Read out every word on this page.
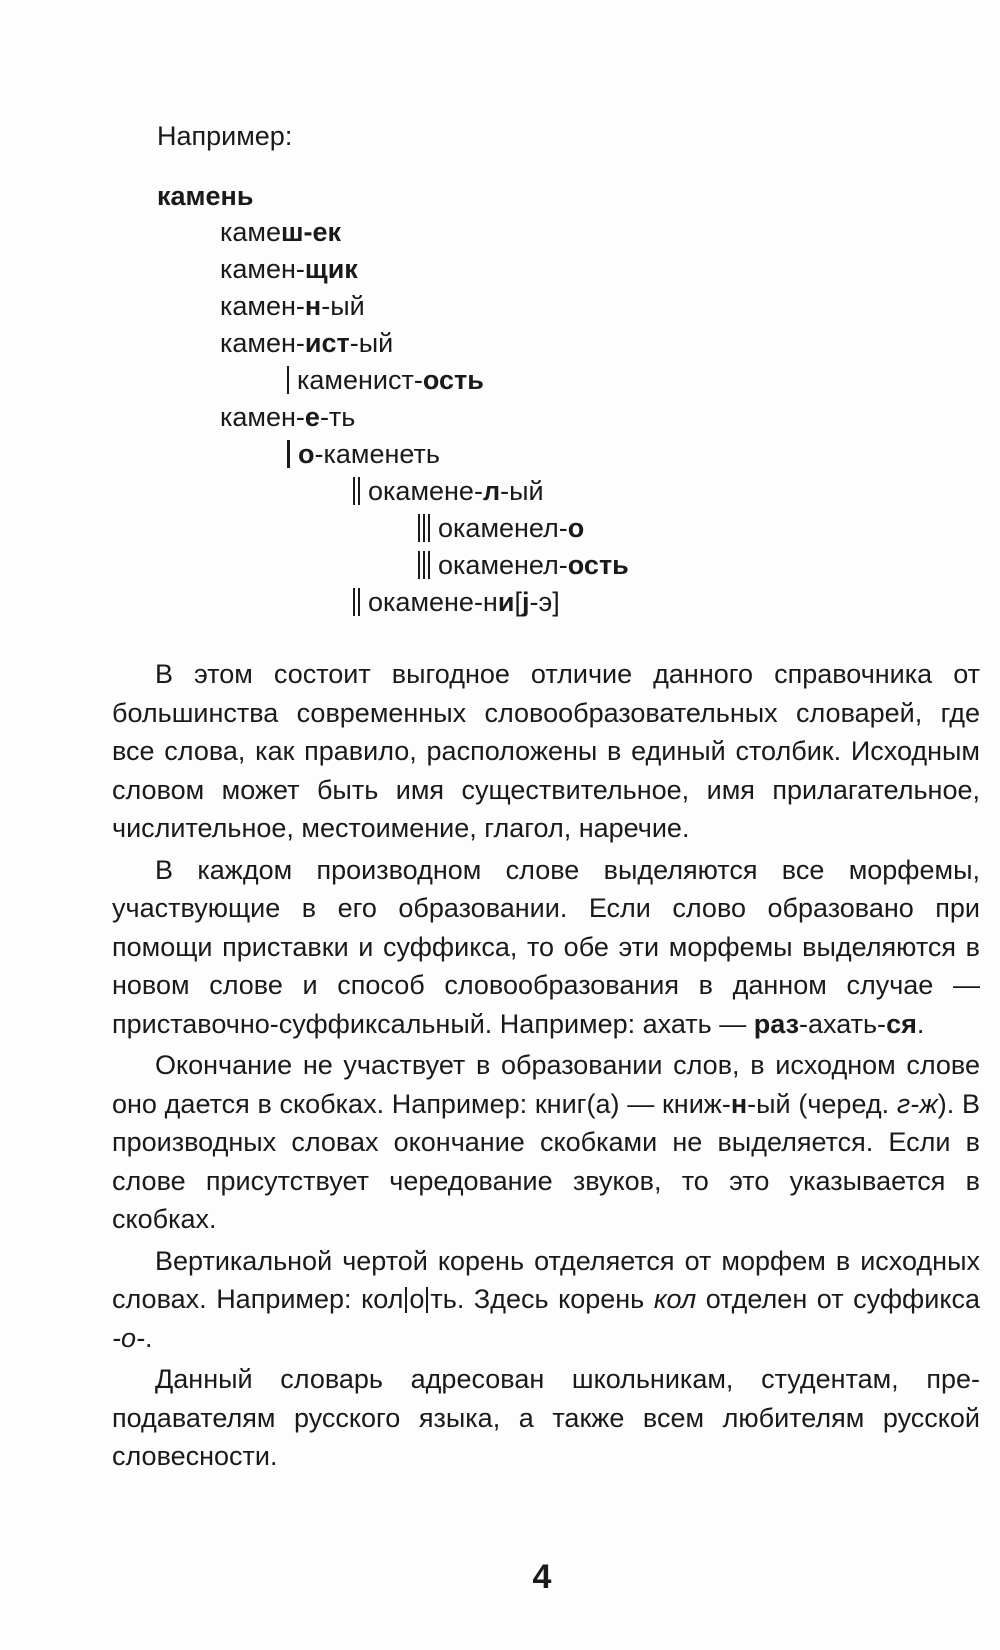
Например:
камень
камеш-ек
камен-щик
камен-н-ый
камен-ист-ый
каменист-ость
камен-е-ть
о-каменеть
окамене-л-ый
окаменел-о
окаменел-ость
окамене-ни[j-э]

В этом состоит выгодное отличие данного справочника от большинства современных словообразовательных словарей, где все слова, как правило, расположены в единый столбик. Исходным словом может быть имя существительное, имя прилагательное, числительное, местоимение, глагол, наречие.

В каждом производном слове выделяются все морфемы, участвующие в его образовании. Если слово образовано при помощи приставки и суффикса, то обе эти морфемы выделяются в новом слове и способ словообразования в данном случае — приставочно-суффиксальный. Например: ахать — раз-ахать-ся.

Окончание не участвует в образовании слов, в исходном слове оно дается в скобках. Например: книг(а) — книж-н-ый (черед. г-ж). В производных словах окончание скобками не выделяется. Если в слове присутствует чередование звуков, то это указывается в скобках.

Вертикальной чертой корень отделяется от морфем в исходных словах. Например: кол о ть. Здесь корень кол отделен от суффикса -о-.

Данный словарь адресован школьникам, студентам, преподавателям русского языка, а также всем любителям русской словесности.

4
